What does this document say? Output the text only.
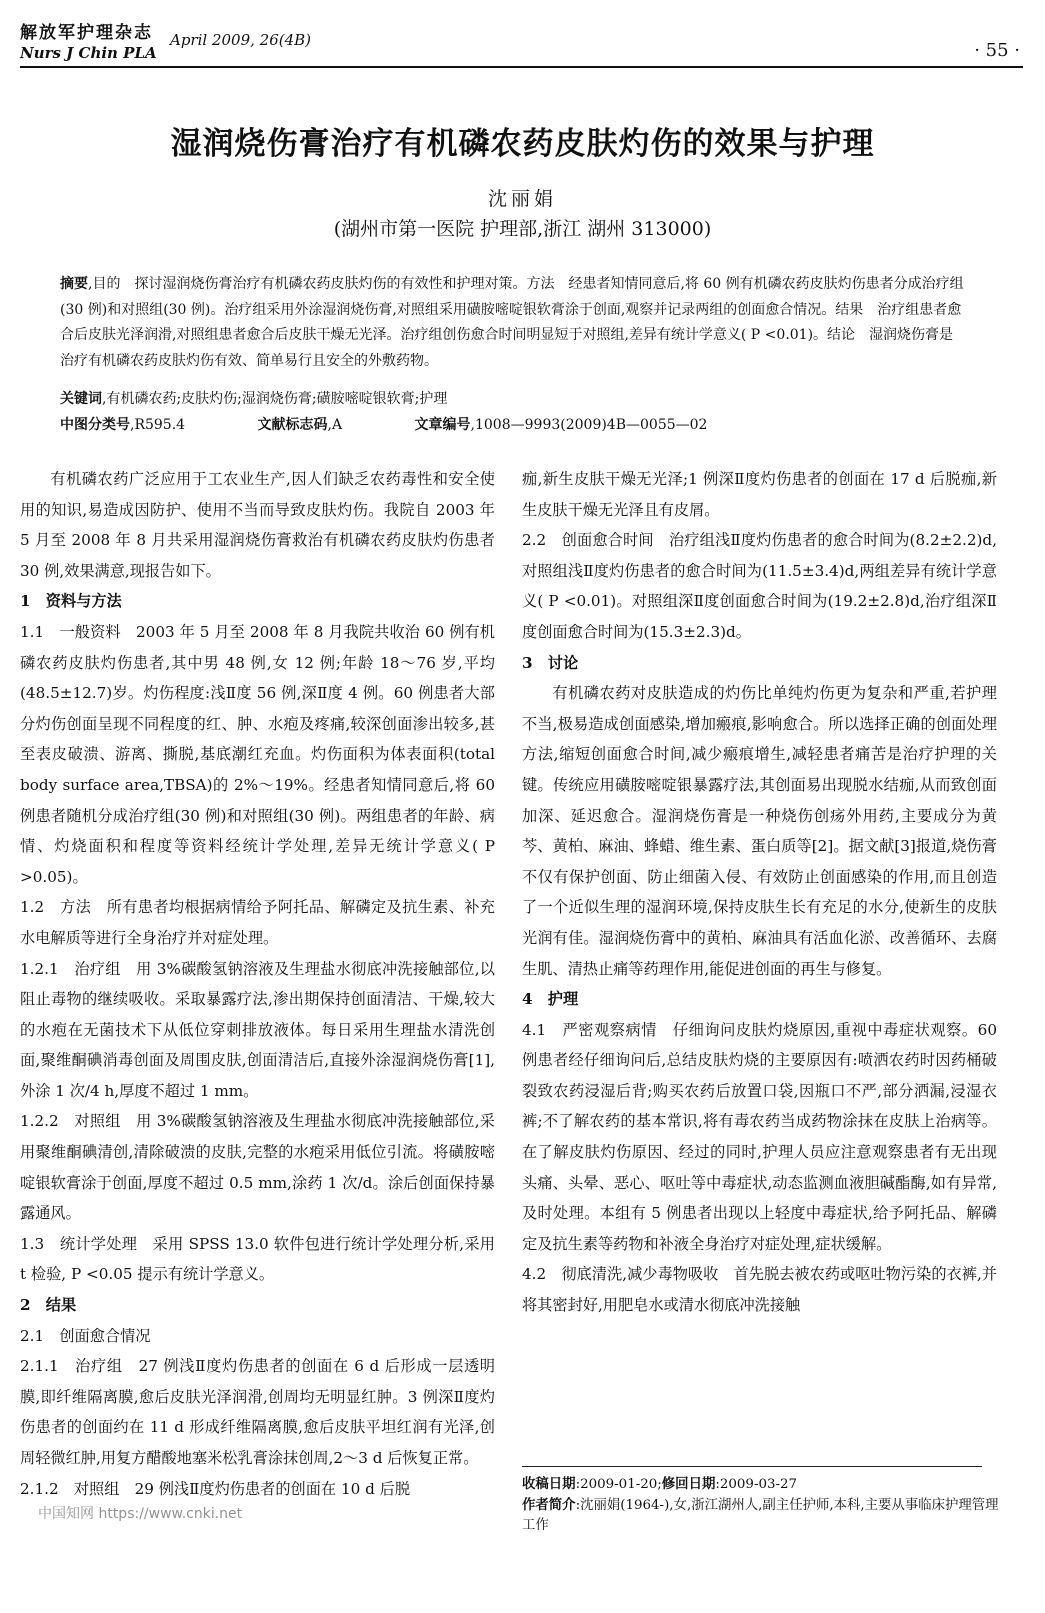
解放军护理杂志
Nurs J Chin PLA
April 2009, 26(4B)	· 55 ·
湿润烧伤膏治疗有机磷农药皮肤灼伤的效果与护理
沈丽娟
(湖州市第一医院 护理部,浙江 湖州 313000)
摘要,目的　探讨湿润烧伤膏治疗有机磷农药皮肤灼伤的有效性和护理对策。方法　经患者知情同意后,将 60 例有机磷农药皮肤灼伤患者分成治疗组(30 例)和对照组(30 例)。治疗组采用外涂湿润烧伤膏,对照组采用磺胺嘧啶银软膏涂于创面,观察并记录两组的创面愈合情况。结果　治疗组患者愈合后皮肤光泽润滑,对照组患者愈合后皮肤干燥无光泽。治疗组创伤愈合时间明显短于对照组,差异有统计学意义( P <0.01)。结论　湿润烧伤膏是治疗有机磷农药皮肤灼伤有效、简单易行且安全的外敷药物。
关键词,有机磷农药;皮肤灼伤;湿润烧伤膏;磺胺嘧啶银软膏;护理
中图分类号,R595.4	文献标志码,A	文章编号,1008—9993(2009)4B—0055—02

有机磷农药广泛应用于工农业生产,因人们缺乏农药毒性和安全使用的知识,易造成因防护、使用不当而导致皮肤灼伤。我院自 2003 年 5 月至 2008 年 8 月共采用湿润烧伤膏救治有机磷农药皮肤灼伤患者 30 例,效果满意,现报告如下。

1　资料与方法

1.1　一般资料　2003 年 5 月至 2008 年 8 月我院共收治 60 例有机磷农药皮肤灼伤患者,其中男 48 例,女 12 例;年龄 18～76 岁,平均(48.5±12.7)岁。灼伤程度:浅Ⅱ度 56 例,深Ⅱ度 4 例。60 例患者大部分灼伤创面呈现不同程度的红、肿、水疱及疼痛,较深创面渗出较多,甚至表皮破溃、游离、撕脱,基底潮红充血。灼伤面积为体表面积(total body surface area,TBSA)的 2%～19%。经患者知情同意后,将 60 例患者随机分成治疗组(30 例)和对照组(30 例)。两组患者的年龄、病情、灼烧面积和程度等资料经统计学处理,差异无统计学意义( P >0.05)。

1.2　方法　所有患者均根据病情给予阿托品、解磷定及抗生素、补充水电解质等进行全身治疗并对症处理。

1.2.1　治疗组　用 3%碳酸氢钠溶液及生理盐水彻底冲洗接触部位,以阻止毒物的继续吸收。采取暴露疗法,渗出期保持创面清洁、干燥,较大的水疱在无菌技术下从低位穿刺排放液体。每日采用生理盐水清洗创面,聚维酮碘消毒创面及周围皮肤,创面清洁后,直接外涂湿润烧伤膏[1],外涂 1 次/4 h,厚度不超过 1 mm。

1.2.2　对照组　用 3%碳酸氢钠溶液及生理盐水彻底冲洗接触部位,采用聚维酮碘清创,清除破溃的皮肤,完整的水疱采用低位引流。将磺胺嘧啶银软膏涂于创面,厚度不超过 0.5 mm,涂药 1 次/d。涂后创面保持暴露通风。

1.3　统计学处理　采用 SPSS 13.0 软件包进行统计学处理分析,采用 t 检验, P <0.05 提示有统计学意义。

2　结果

2.1　创面愈合情况

2.1.1　治疗组　27 例浅Ⅱ度灼伤患者的创面在 6 d 后形成一层透明膜,即纤维隔离膜,愈后皮肤光泽润滑,创周均无明显红肿。3 例深Ⅱ度灼伤患者的创面约在 11 d 形成纤维隔离膜,愈后皮肤平坦红润有光泽,创周轻微红肿,用复方醋酸地塞米松乳膏涂抹创周,2～3 d 后恢复正常。

2.1.2　对照组　29 例浅Ⅱ度灼伤患者的创面在 10 d 后脱

痂,新生皮肤干燥无光泽;1 例深Ⅱ度灼伤患者的创面在 17 d 后脱痂,新生皮肤干燥无光泽且有皮屑。

2.2　创面愈合时间　治疗组浅Ⅱ度灼伤患者的愈合时间为(8.2±2.2)d,对照组浅Ⅱ度灼伤患者的愈合时间为(11.5±3.4)d,两组差异有统计学意义( P <0.01)。对照组深Ⅱ度创面愈合时间为(19.2±2.8)d,治疗组深Ⅱ度创面愈合时间为(15.3±2.3)d。

3　讨论

有机磷农药对皮肤造成的灼伤比单纯灼伤更为复杂和严重,若护理不当,极易造成创面感染,增加瘢痕,影响愈合。所以选择正确的创面处理方法,缩短创面愈合时间,减少瘢痕增生,减轻患者痛苦是治疗护理的关键。传统应用磺胺嘧啶银暴露疗法,其创面易出现脱水结痂,从而致创面加深、延迟愈合。湿润烧伤膏是一种烧伤创疡外用药,主要成分为黄芩、黄柏、麻油、蜂蜡、维生素、蛋白质等[2]。据文献[3]报道,烧伤膏不仅有保护创面、防止细菌入侵、有效防止创面感染的作用,而且创造了一个近似生理的湿润环境,保持皮肤生长有充足的水分,使新生的皮肤光润有佳。湿润烧伤膏中的黄柏、麻油具有活血化淤、改善循环、去腐生肌、清热止痛等药理作用,能促进创面的再生与修复。

4　护理

4.1　严密观察病情　仔细询问皮肤灼烧原因,重视中毒症状观察。60 例患者经仔细询问后,总结皮肤灼烧的主要原因有:喷洒农药时因药桶破裂致农药浸湿后背;购买农药后放置口袋,因瓶口不严,部分洒漏,浸湿衣裤;不了解农药的基本常识,将有毒农药当成药物涂抹在皮肤上治病等。在了解皮肤灼伤原因、经过的同时,护理人员应注意观察患者有无出现头痛、头晕、恶心、呕吐等中毒症状,动态监测血液胆碱酯酶,如有异常,及时处理。本组有 5 例患者出现以上轻度中毒症状,给予阿托品、解磷定及抗生素等药物和补液全身治疗对症处理,症状缓解。

4.2　彻底清洗,减少毒物吸收　首先脱去被农药或呕吐物污染的衣裤,并将其密封好,用肥皂水或清水彻底冲洗接触

收稿日期:2009-01-20;修回日期:2009-03-27
作者简介:沈丽娟(1964-),女,浙江湖州人,副主任护师,本科,主要从事临床护理管理工作
中国知网 https://www.cnki.net
